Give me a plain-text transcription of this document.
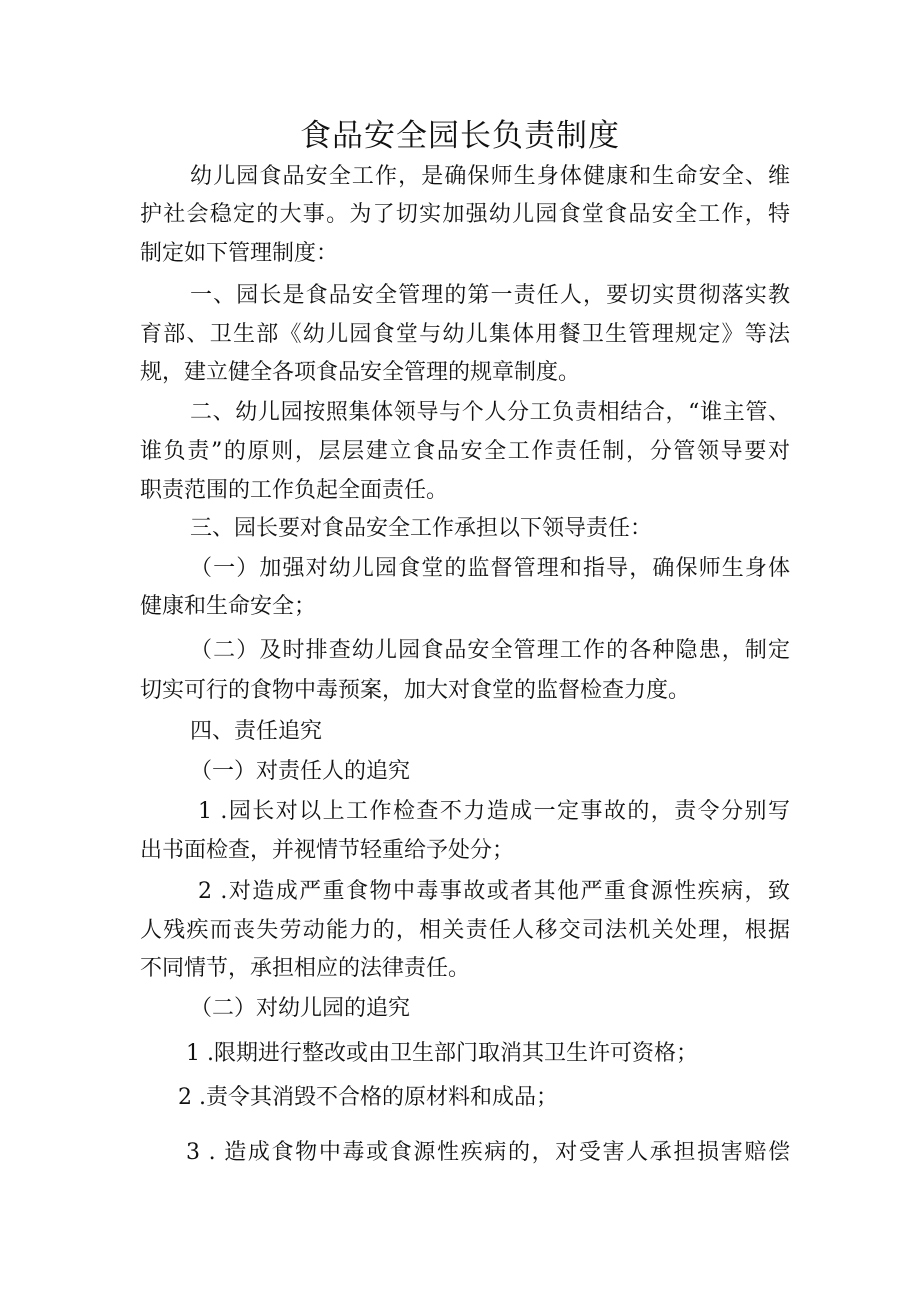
食品安全园长负责制度
幼儿园食品安全工作，是确保师生身体健康和生命安全、维
护社会稳定的大事。为了切实加强幼儿园食堂食品安全工作，特
制定如下管理制度：
一、园长是食品安全管理的第一责任人，要切实贯彻落实教
育部、卫生部《幼儿园食堂与幼儿集体用餐卫生管理规定》等法
规，建立健全各项食品安全管理的规章制度。
二、幼儿园按照集体领导与个人分工负责相结合，“谁主管、
谁负责”的原则，层层建立食品安全工作责任制，分管领导要对
职责范围的工作负起全面责任。
三、园长要对食品安全工作承担以下领导责任：
（一）加强对幼儿园食堂的监督管理和指导，确保师生身体
健康和生命安全；
（二）及时排查幼儿园食品安全管理工作的各种隐患，制定
切实可行的食物中毒预案，加大对食堂的监督检查力度。
四、责任追究
（一）对责任人的追究
1 .园长对以上工作检查不力造成一定事故的，责令分别写
出书面检查，并视情节轻重给予处分；
2 .对造成严重食物中毒事故或者其他严重食源性疾病，致
人残疾而丧失劳动能力的，相关责任人移交司法机关处理，根据
不同情节，承担相应的法律责任。
（二）对幼儿园的追究
1 .限期进行整改或由卫生部门取消其卫生许可资格；
2 .责令其消毁不合格的原材料和成品；
3 . 造成食物中毒或食源性疾病的，对受害人承担损害赔偿
